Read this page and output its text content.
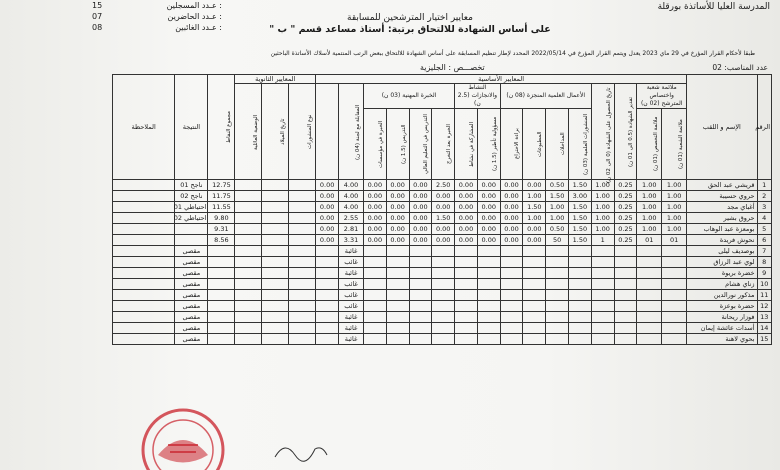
15	عـدد المسجلين :
07	عـدد الحاضرين :
08	عـدد الغائبين :
المدرسة العليا للأساتذة بورقلة
معايير اختيار المترشحين للمسابقة
على أساس الشهادة للالتحاق برتبة: أستاذ مساعد قسم " ب "
طبقا لأحكام القرار المؤرخ في 29 ماي 2023 يعدل ويتمم القرار المؤرخ في 2022/05/14 المحدد لإطار تنظيم المسابقة على أساس الشهادة للالتحاق ببعض الرتب المنتمية لأسلاك الأساتذة الباحثين
عدد المناصب: 02
تخصـــص : الجليزية
الرقم	الإسم و اللقب	المعايير الأساسية																المعايير الثانوية			مجموع النقاط	النتيجة	الملاحظة
		ملائمة شعبة واختصاص المترشح (02 ن)		تقدير الشهادة (0.5 الى 01 ن)	تاريخ الحصول على الشهادة (0 الى 02 ن)	الأعمال العلمية المنجزة (08 ن)				النشاط والانجازات (2.5 ن)		الخبرة المهنية (03 ن)				المقابلة مع لجنة (04 ن)		نوع المنشورات	تاريخ الميلاد	الوضعية العائلية			

		ملائمة الشعبة (01 ن)	ملائمة التخصص (01 ن)			المنشورات العلمية (03 ن)	المداخلات	المطبوعات	براءة الاختراع	مسؤولية تأطير (1.5 ن)	المشاركة في نشاط	الخبرة بعد التخرج	التدريس في التعليم العالي	التدريس (1.5 ن)	الخبرة في مؤسسات								

1	قريشي عبد الحق	1.00	1.00	0.25	1.00	1.50	0.50	0.00	0.00	0.00	0.00	2.50	0.00	0.00	0.00	4.00	0.00				12.75	ناجح 01	
2	حروي حسيبة	1.00	1.00	0.25	1.00	3.00	1.50	1.00	0.00	0.00	0.00	0.00	0.00	0.00	0.00	4.00	0.00				11.75	ناجح 02	
3	أغباي مجد	1.00	1.00	0.25	1.00	1.50	1.00	1.50	0.00	0.00	0.00	0.00	0.00	0.00	0.00	4.00	0.00				11.55	احتياطي 01	
4	حروق بشير	1.00	1.00	0.25	1.00	1.50	1.00	1.00	0.00	0.00	0.00	1.50	0.00	0.00	0.00	2.55	0.00				9.80	احتياطي 02	
5	بومعزة عبد الوهاب	1.00	1.00	0.25	1.00	1.50	0.50	0.00	0.00	0.00	0.00	0.00	0.00	0.00	0.00	2.81	0.00				9.31		
6	نحوش فريدة	01	01	0.25	1	1.50	50	0.00	0.00	0.00	0.00	0.00	0.00	0.00	0.00	3.31	0.00				8.56		
7	بوصديف ليلى															غائبة						مقصى	
8	لوي عبد الرزاق															غائب						مقصى	
9	خضرة بريوة															غائبة						مقصى	
10	زناي هشام															غائب						مقصى	
11	مذكور نورالدين															غائب						مقصى	
12	حضرة بوعزة															غائب						مقصى	
13	فوزار ريحانة															غائبة						مقصى	
14	أسدات عائشة إيمان															غائبة						مقصى	
15	بحوي لاهنة															غائبة						مقصى	
